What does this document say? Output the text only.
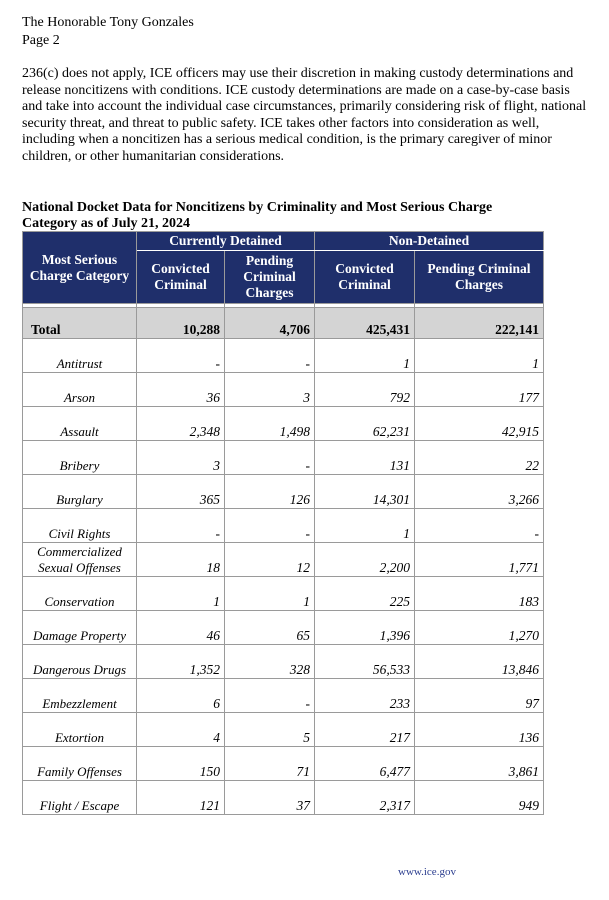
The Honorable Tony Gonzales
Page 2

236(c) does not apply, ICE officers may use their discretion in making custody determinations and release noncitizens with conditions. ICE custody determinations are made on a case-by-case basis and take into account the individual case circumstances, primarily considering risk of flight, national security threat, and threat to public safety. ICE takes other factors into consideration as well, including when a noncitizen has a serious medical condition, is the primary caregiver of minor children, or other humanitarian considerations.

National Docket Data for Noncitizens by Criminality and Most Serious Charge Category as of July 21, 2024
Most Serious Charge Category	Currently Detained		Non-Detained	
	Convicted Criminal	Pending Criminal Charges	Convicted Criminal	Pending Criminal Charges

Total	10,288	4,706	425,431	222,141
Antitrust	-	-	1	1
Arson	36	3	792	177
Assault	2,348	1,498	62,231	42,915
Bribery	3	-	131	22
Burglary	365	126	14,301	3,266
Civil Rights	-	-	1	-
Commercialized Sexual Offenses	18	12	2,200	1,771
Conservation	1	1	225	183
Damage Property	46	65	1,396	1,270
Dangerous Drugs	1,352	328	56,533	13,846
Embezzlement	6	-	233	97
Extortion	4	5	217	136
Family Offenses	150	71	6,477	3,861
Flight / Escape	121	37	2,317	949
www.ice.gov
